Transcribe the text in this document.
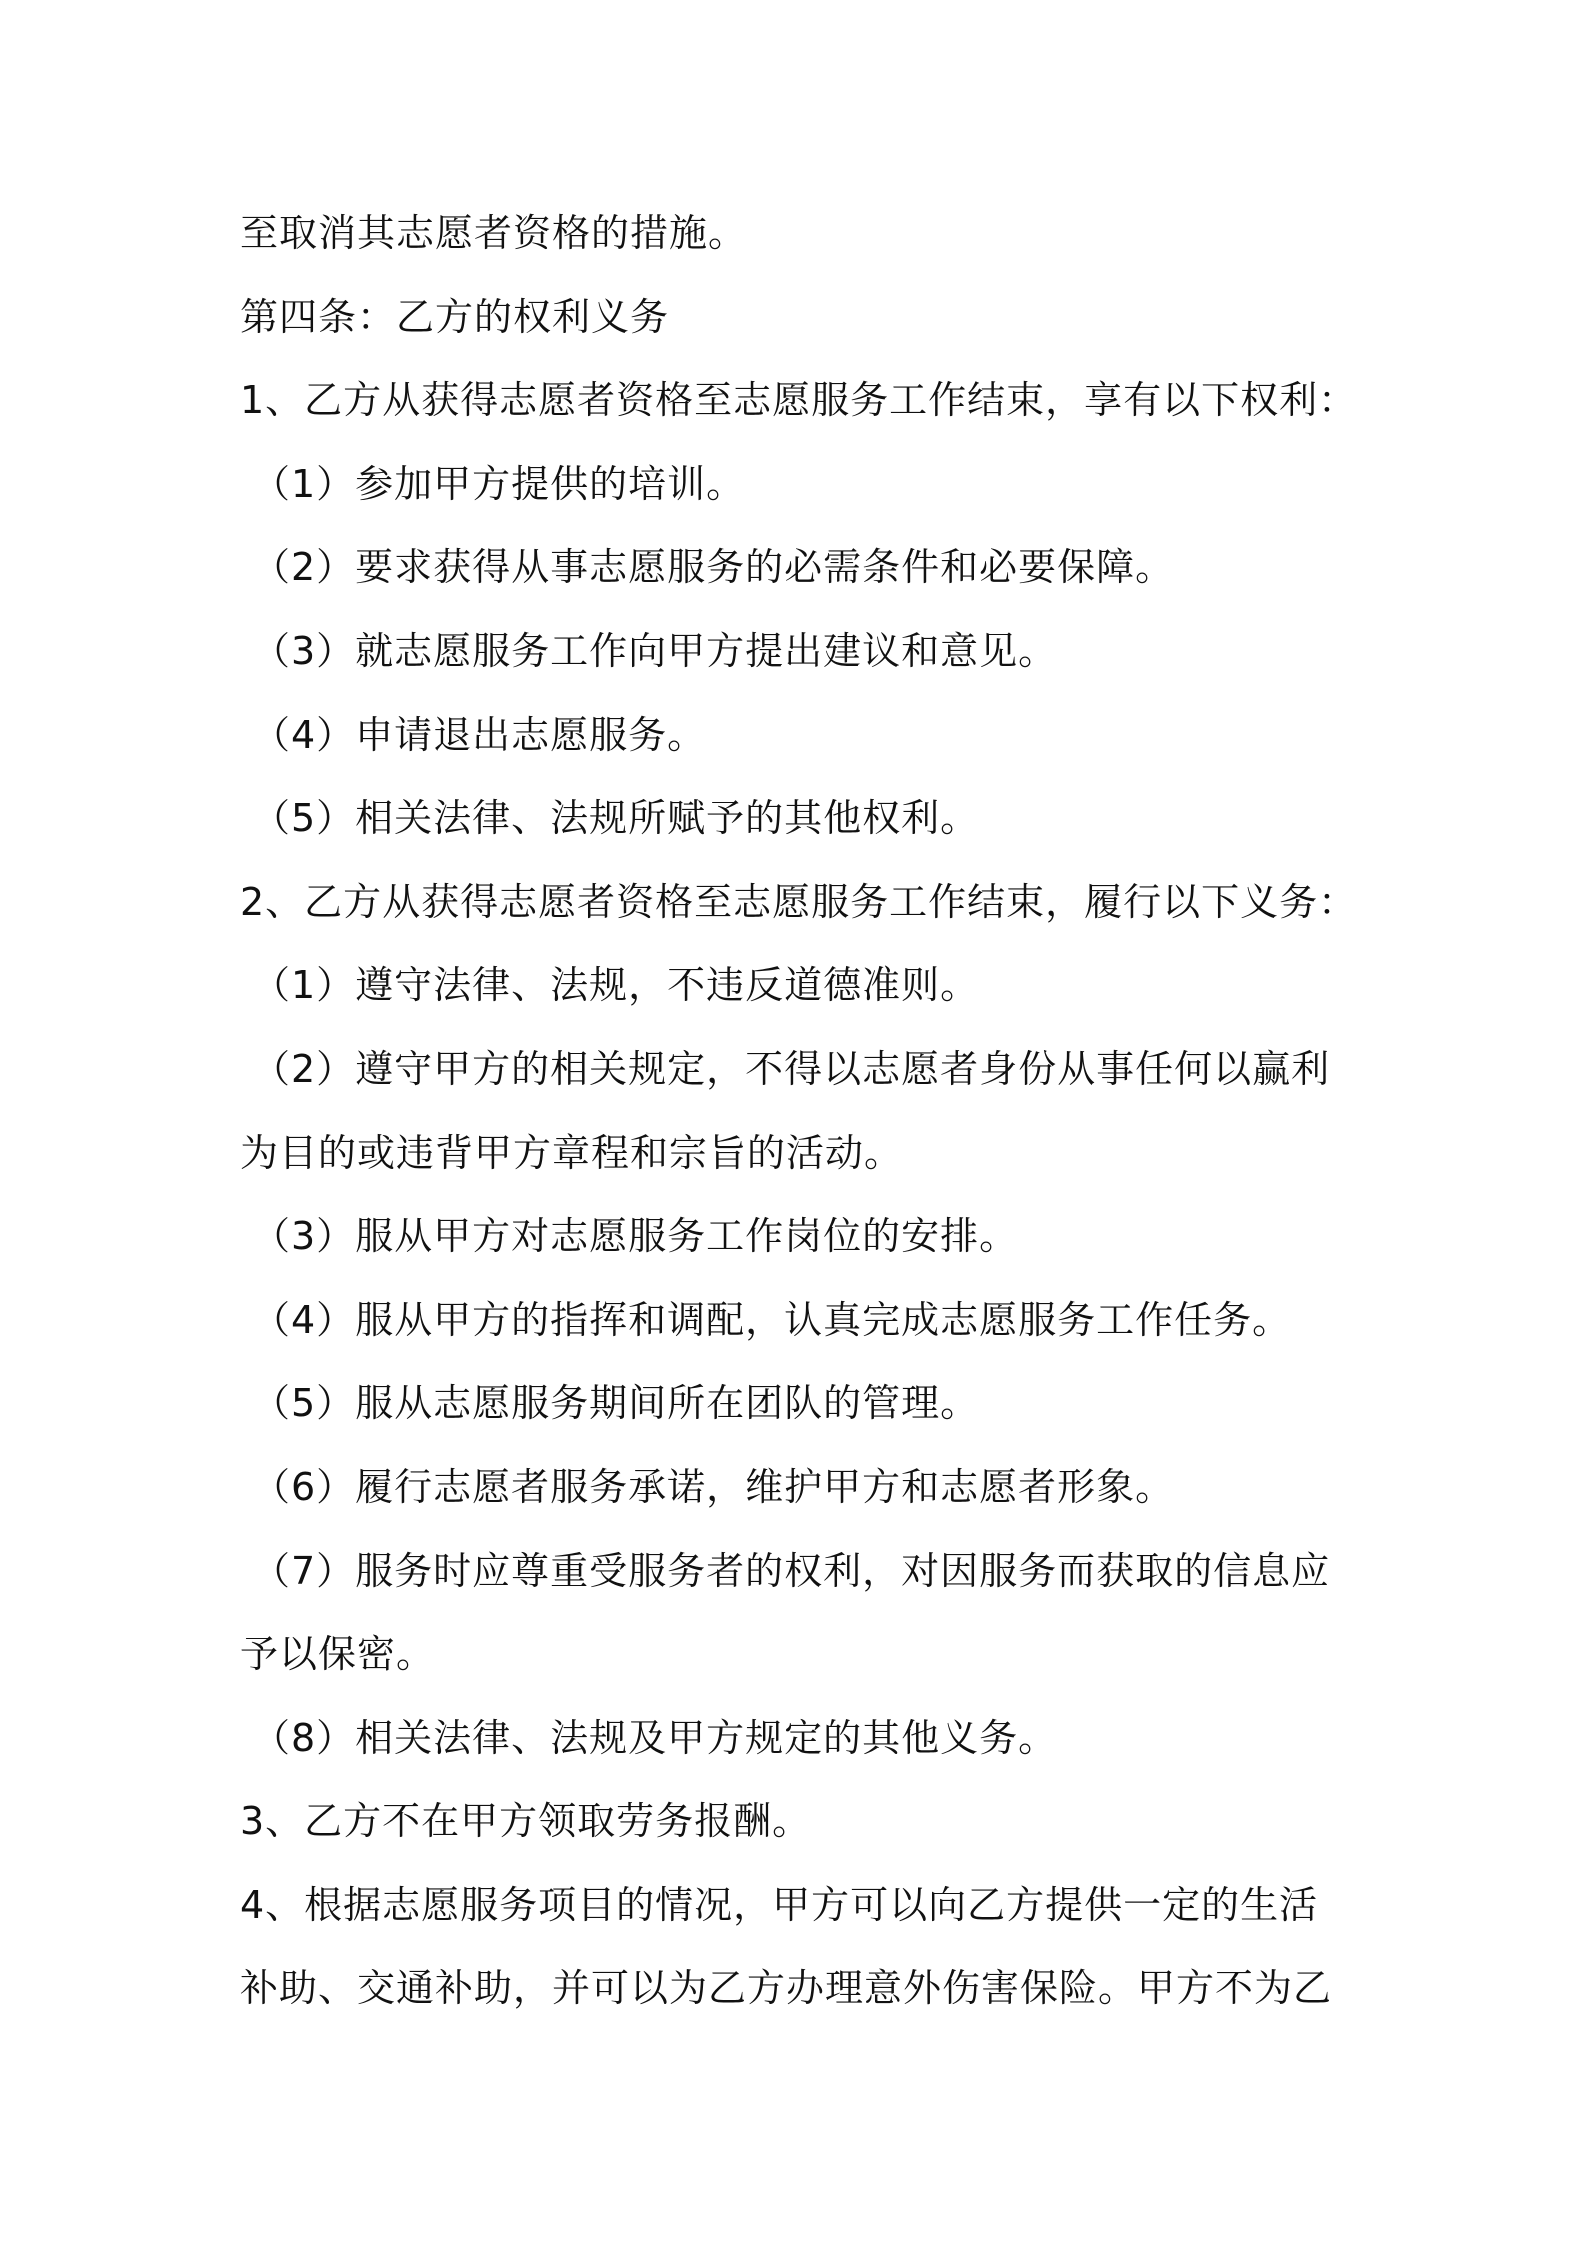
至取消其志愿者资格的措施。

第四条：乙方的权利义务

1、乙方从获得志愿者资格至志愿服务工作结束，享有以下权利：

（1）参加甲方提供的培训。

（2）要求获得从事志愿服务的必需条件和必要保障。

（3）就志愿服务工作向甲方提出建议和意见。

（4）申请退出志愿服务。

（5）相关法律、法规所赋予的其他权利。

2、乙方从获得志愿者资格至志愿服务工作结束，履行以下义务：

（1）遵守法律、法规，不违反道德准则。

（2）遵守甲方的相关规定，不得以志愿者身份从事任何以赢利

为目的或违背甲方章程和宗旨的活动。

（3）服从甲方对志愿服务工作岗位的安排。

（4）服从甲方的指挥和调配，认真完成志愿服务工作任务。

（5）服从志愿服务期间所在团队的管理。

（6）履行志愿者服务承诺，维护甲方和志愿者形象。

（7）服务时应尊重受服务者的权利，对因服务而获取的信息应

予以保密。

（8）相关法律、法规及甲方规定的其他义务。

3、乙方不在甲方领取劳务报酬。

4、根据志愿服务项目的情况，甲方可以向乙方提供一定的生活

补助、交通补助，并可以为乙方办理意外伤害保险。甲方不为乙
